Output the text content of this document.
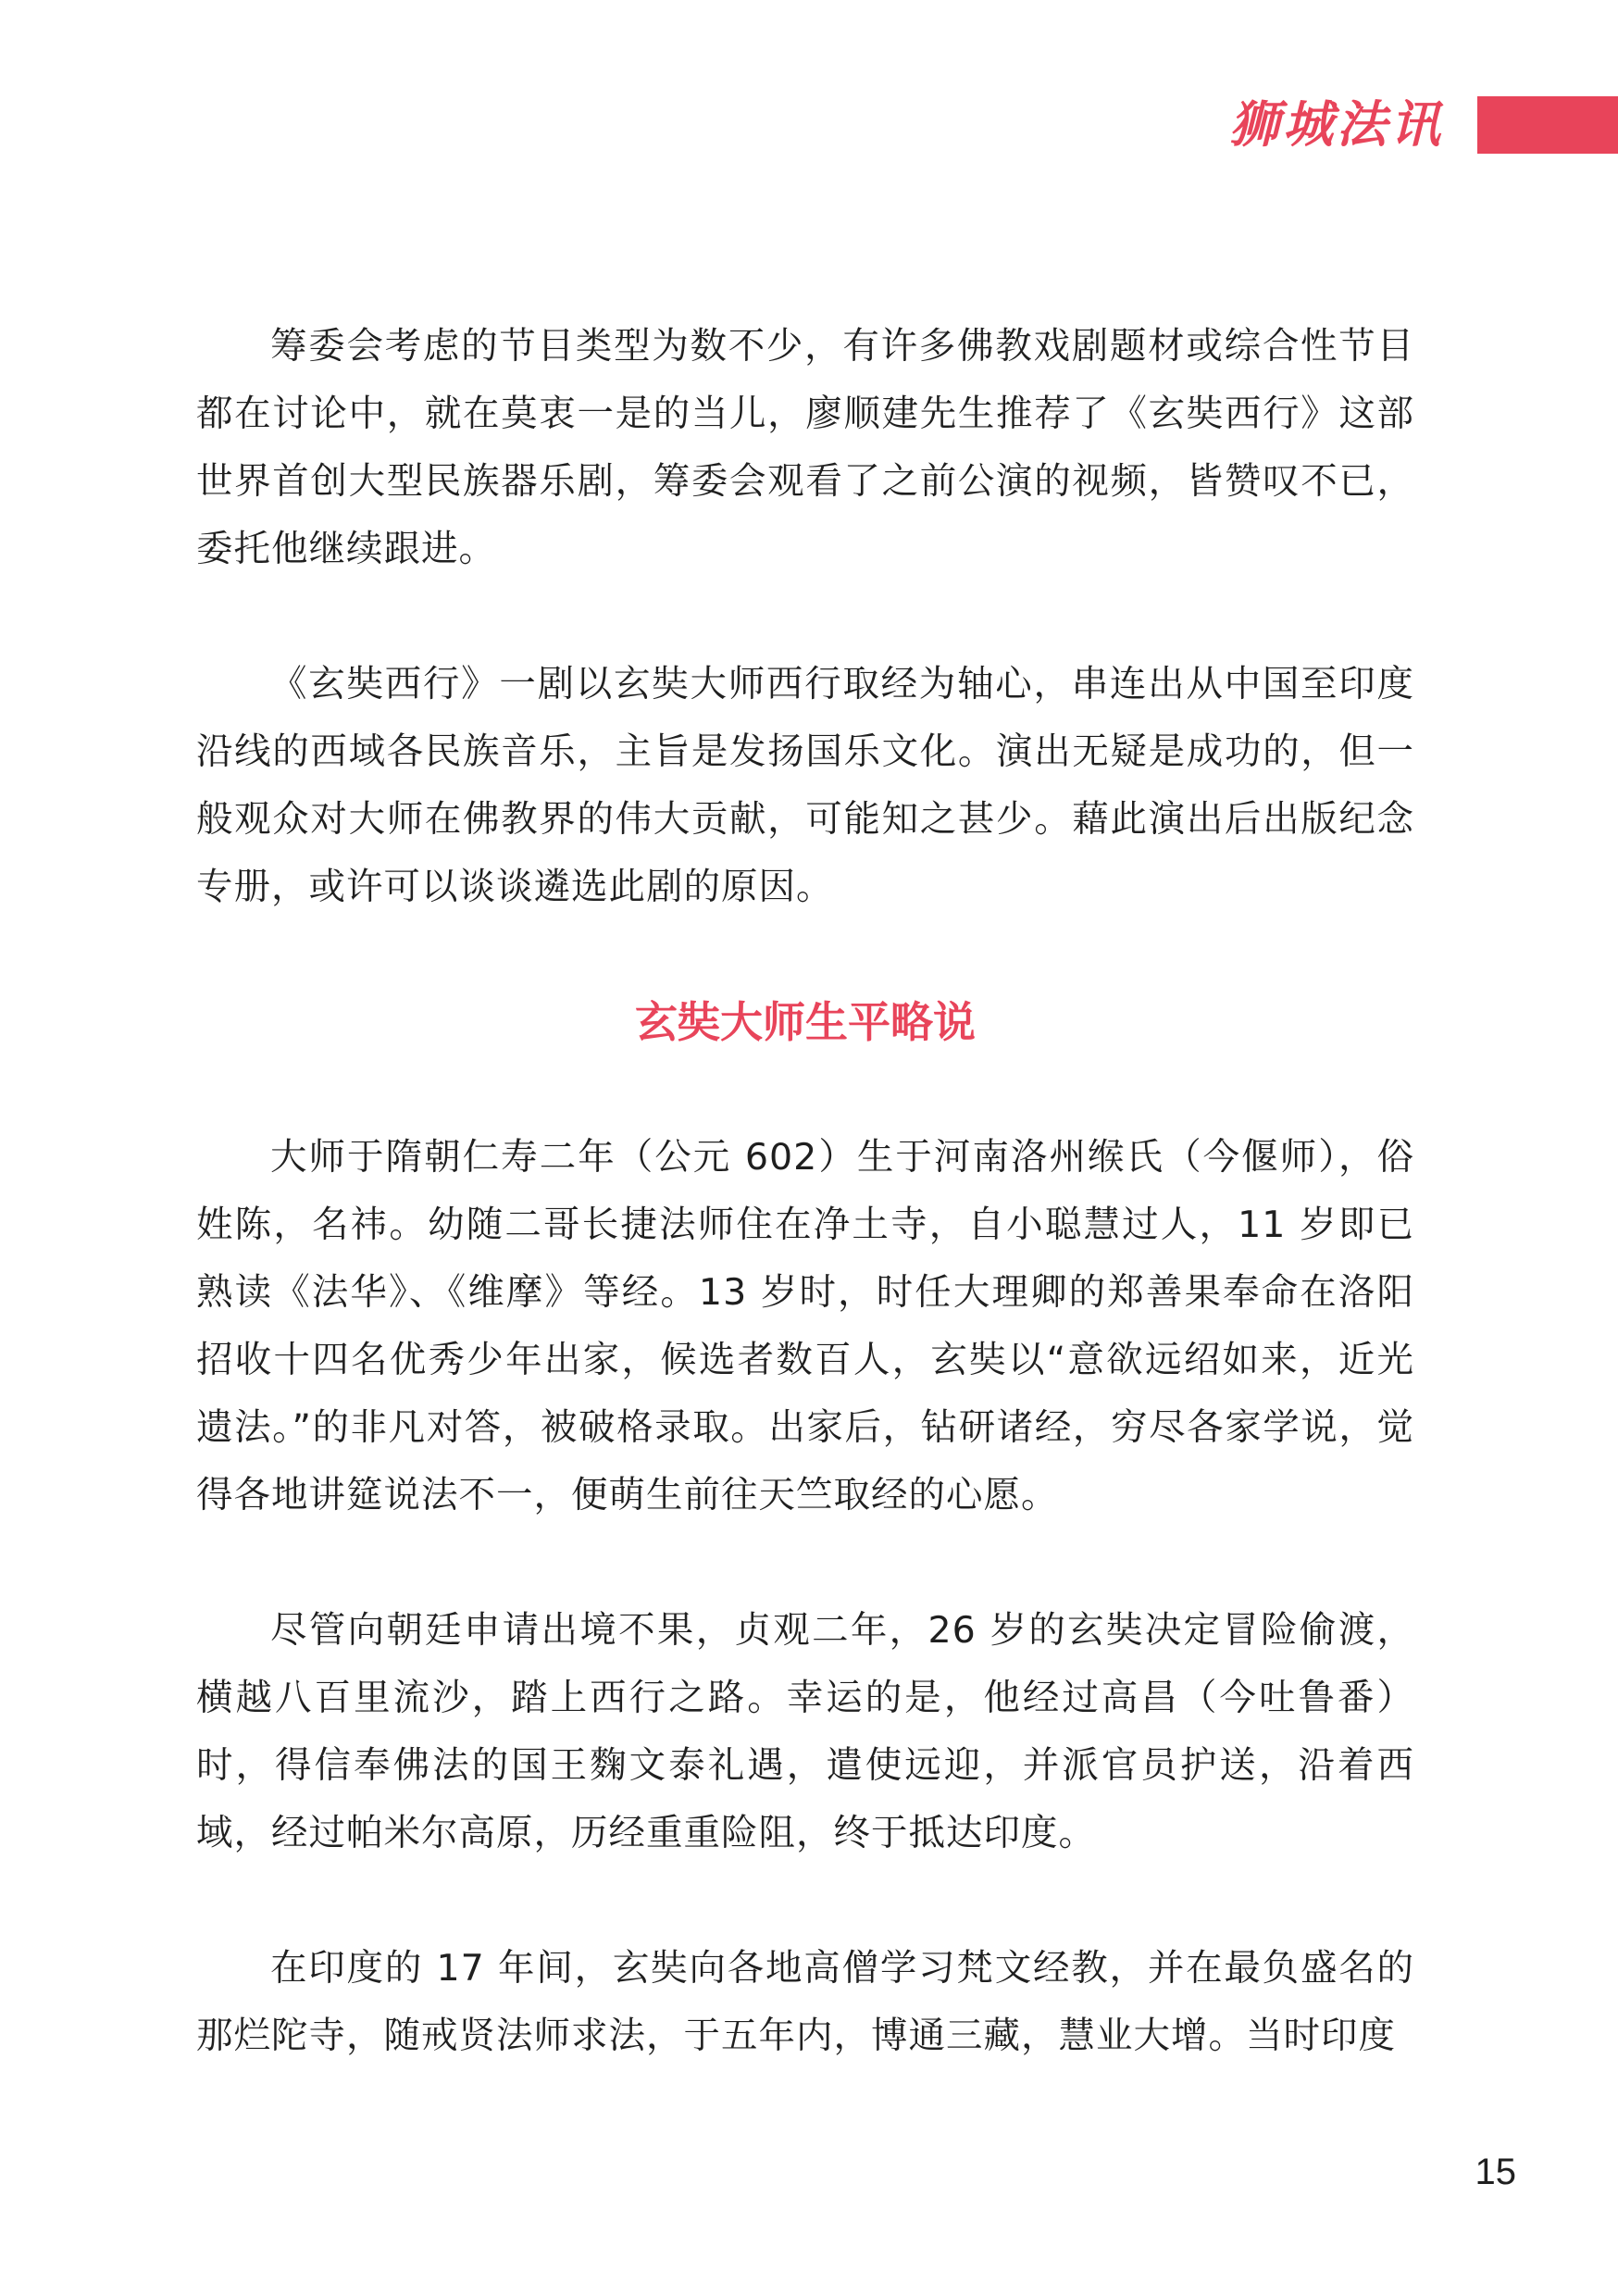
狮城法讯

筹委会考虑的节目类型为数不少，有许多佛教戏剧题材或综合性节目都在讨论中，就在莫衷一是的当儿，廖顺建先生推荐了《玄奘西行》这部世界首创大型民族器乐剧，筹委会观看了之前公演的视频，皆赞叹不已，委托他继续跟进。

《玄奘西行》一剧以玄奘大师西行取经为轴心，串连出从中国至印度沿线的西域各民族音乐，主旨是发扬国乐文化。演出无疑是成功的，但一般观众对大师在佛教界的伟大贡献，可能知之甚少。藉此演出后出版纪念专册，或许可以谈谈遴选此剧的原因。

玄奘大师生平略说

大师于隋朝仁寿二年（公元 602）生于河南洛州缑氏（今偃师），俗姓陈，名祎。幼随二哥长捷法师住在净土寺，自小聪慧过人，11 岁即已熟读《法华》、《维摩》等经。13 岁时，时任大理卿的郑善果奉命在洛阳招收十四名优秀少年出家，候选者数百人，玄奘以“意欲远绍如来，近光遗法。”的非凡对答，被破格录取。出家后，钻研诸经，穷尽各家学说，觉得各地讲筵说法不一，便萌生前往天竺取经的心愿。

尽管向朝廷申请出境不果，贞观二年，26 岁的玄奘决定冒险偷渡，横越八百里流沙，踏上西行之路。幸运的是，他经过高昌（今吐鲁番）时，得信奉佛法的国王麴文泰礼遇，遣使远迎，并派官员护送，沿着西域，经过帕米尔高原，历经重重险阻，终于抵达印度。

在印度的 17 年间，玄奘向各地高僧学习梵文经教，并在最负盛名的那烂陀寺，随戒贤法师求法，于五年内，博通三藏，慧业大增。当时印度

15
